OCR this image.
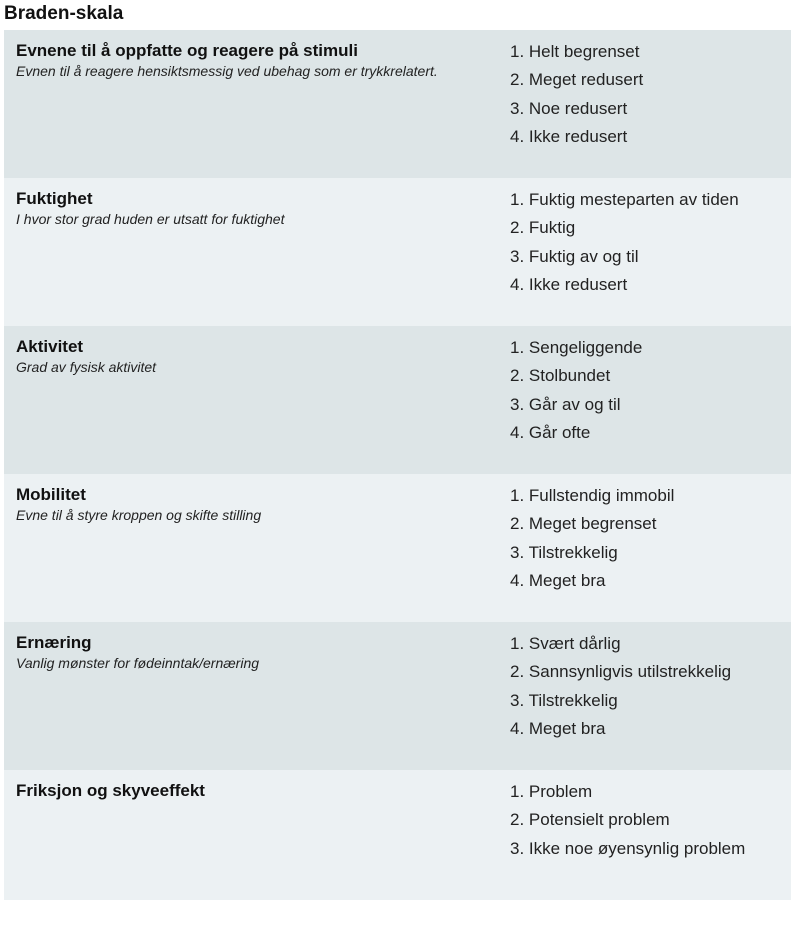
Braden-skala
Evnene til å oppfatte og reagere på stimuli
Evnen til å reagere hensiktsmessig ved ubehag som er trykkrelatert.
1. Helt begrenset
2. Meget redusert
3. Noe redusert
4. Ikke redusert
Fuktighet
I hvor stor grad huden er utsatt for fuktighet
1. Fuktig mesteparten av tiden
2. Fuktig
3. Fuktig av og til
4. Ikke redusert
Aktivitet
Grad av fysisk aktivitet
1. Sengeliggende
2. Stolbundet
3. Går av og til
4. Går ofte
Mobilitet
Evne til å styre kroppen og skifte stilling
1. Fullstendig immobil
2. Meget begrenset
3. Tilstrekkelig
4. Meget bra
Ernæring
Vanlig mønster for fødeinntak/ernæring
1. Svært dårlig
2. Sannsynligvis utilstrekkelig
3. Tilstrekkelig
4. Meget bra
Friksjon og skyveeffekt	1. Problem
2. Potensielt problem
3. Ikke noe øyensynlig problem
